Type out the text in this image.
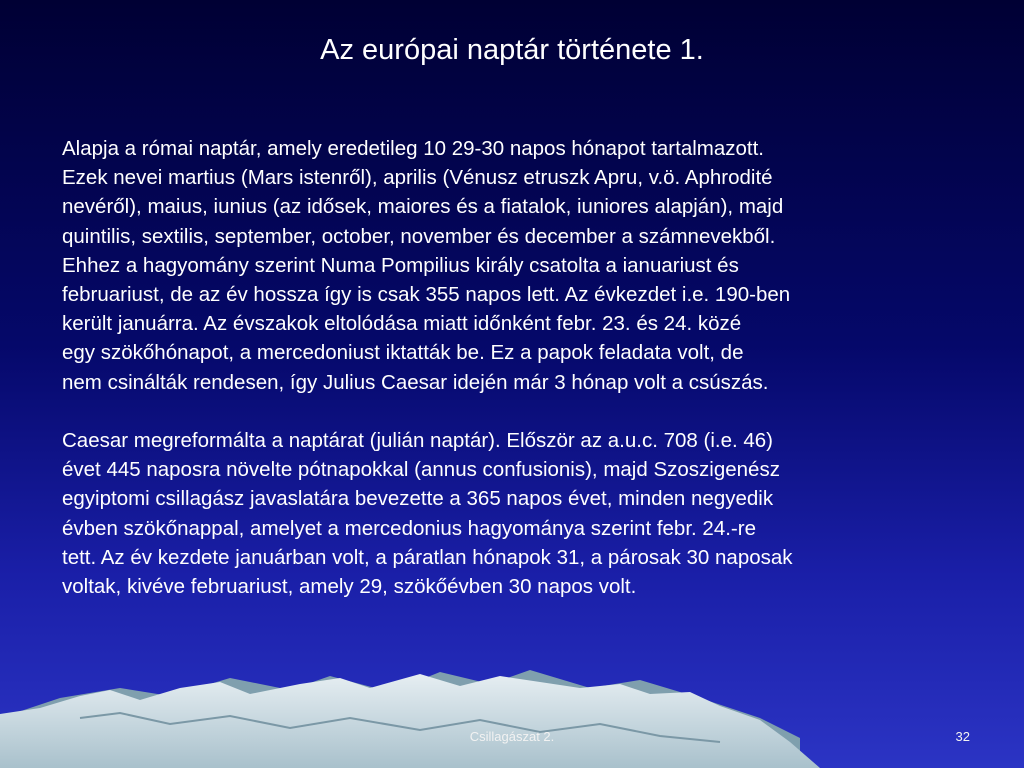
Az európai naptár története 1.

Alapja a római naptár, amely eredetileg 10 29-30 napos hónapot tartalmazott.
Ezek nevei martius (Mars istenről), aprilis (Vénusz etruszk Apru, v.ö. Aphrodité
nevéről), maius, iunius (az idősek, maiores és a fiatalok, iuniores alapján), majd
quintilis, sextilis, september, october, november és december a számnevekből.
Ehhez a hagyomány szerint Numa Pompilius király csatolta a ianuariust és
februariust, de az év hossza így is csak 355 napos lett. Az évkezdet i.e. 190-ben
került januárra. Az évszakok eltolódása miatt időnként febr. 23. és 24. közé
egy szökőhónapot, a mercedoniust iktatták be. Ez a papok feladata volt, de
nem csinálták rendesen, így Julius Caesar idején már 3 hónap volt a csúszás.

Caesar megreformálta a naptárat (julián naptár). Először az a.u.c. 708 (i.e. 46)
évet 445 naposra növelte pótnapokkal (annus confusionis), majd Szoszigenész
egyiptomi csillagász javaslatára bevezette a 365 napos évet, minden negyedik
évben szökőnappal, amelyet a mercedonius hagyománya szerint febr. 24.-re
tett. Az év kezdete januárban volt, a páratlan hónapok 31, a párosak 30 naposak
voltak, kivéve februariust, amely 29, szökőévben 30 napos volt.

Csillagászat 2.	32
